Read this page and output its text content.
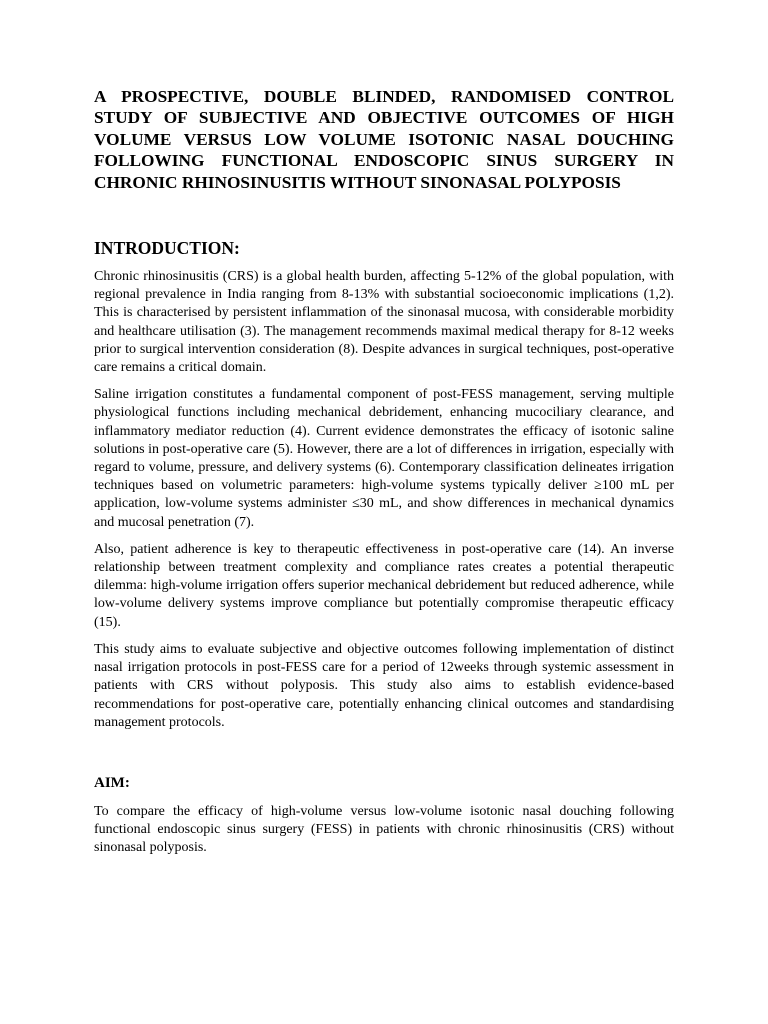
A PROSPECTIVE, DOUBLE BLINDED, RANDOMISED CONTROL STUDY OF SUBJECTIVE AND OBJECTIVE OUTCOMES OF HIGH VOLUME VERSUS LOW VOLUME ISOTONIC NASAL DOUCHING FOLLOWING FUNCTIONAL ENDOSCOPIC SINUS SURGERY IN CHRONIC RHINOSINUSITIS WITHOUT SINONASAL POLYPOSIS
INTRODUCTION:

Chronic rhinosinusitis (CRS) is a global health burden, affecting 5-12% of the global population, with regional prevalence in India ranging from 8-13% with substantial socioeconomic implications (1,2). This is characterised by persistent inflammation of the sinonasal mucosa, with considerable morbidity and healthcare utilisation (3). The management recommends maximal medical therapy for 8-12 weeks prior to surgical intervention consideration (8). Despite advances in surgical techniques, post-operative care remains a critical domain.

Saline irrigation constitutes a fundamental component of post-FESS management, serving multiple physiological functions including mechanical debridement, enhancing mucociliary clearance, and inflammatory mediator reduction (4). Current evidence demonstrates the efficacy of isotonic saline solutions in post-operative care (5). However, there are a lot of differences in irrigation, especially with regard to volume, pressure, and delivery systems (6). Contemporary classification delineates irrigation techniques based on volumetric parameters: high-volume systems typically deliver ≥100 mL per application, low-volume systems administer ≤30 mL, and show differences in mechanical dynamics and mucosal penetration (7).

Also, patient adherence is key to therapeutic effectiveness in post-operative care (14). An inverse relationship between treatment complexity and compliance rates creates a potential therapeutic dilemma: high-volume irrigation offers superior mechanical debridement but reduced adherence, while low-volume delivery systems improve compliance but potentially compromise therapeutic efficacy (15).

This study aims to evaluate subjective and objective outcomes following implementation of distinct nasal irrigation protocols in post-FESS care for a period of 12weeks through systemic assessment in patients with CRS without polyposis. This study also aims to establish evidence-based recommendations for post-operative care, potentially enhancing clinical outcomes and standardising management protocols.

AIM:

To compare the efficacy of high-volume versus low-volume isotonic nasal douching following functional endoscopic sinus surgery (FESS) in patients with chronic rhinosinusitis (CRS) without sinonasal polyposis.
